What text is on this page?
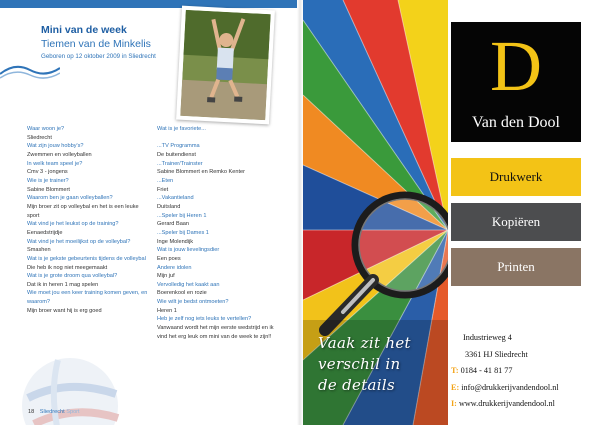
Mini van de week
Tiemen van de Minkelis
Geboren op 12 oktober 2009 in Sliedrecht
Waar woon je?
Sliedrecht
Wat zijn jouw hobby's?
Zwemmen en volleyballen
In welk team speel je?
Cmv 3 - jongens
Wie is je trainer?
Sabine Blommert
Waarom ben je gaan volleyballen?
Mijn broer zit op volleybal en het is een leuke sport
Wat vind je het leukst op de training?
Eenaedstrijdje
Wat vind je het moeilijkst op de volleybal?
Smashen
Wat is je gekste gebeurtenis tijdens de volleybal
Die heb ik nog niet meegemaakt
Wat is je grote droom qua volleybal?
Dat ik in heren 1 mag spelen
Wie moet jou een keer training komen geven, en waarom?
Mijn broer want hij is erg goed
Wat is je favoriete...

...TV Programma
De buitendienst
...Trainer/Trainster
Sabine Blommert en Remko Kenter
...Eten
Friet
...Vakantieland
Duitsland
...Speler bij Heren 1
Gerard Baan
...Speler bij Dames 1
Inge Molendijk
Wat is jouw lievelingsdier
Een poes
Andere idolen
Mijn juf
Vervolledig het kaakt aan
Boerenkool en rozie
Wie wilt je bedst ontmoeten?
Heren 1
Heb je zelf nog iets leuks te vertellen?
Vanwaand wordt het mijn eerste wedstrijd en ik vind het erg leuk om mini van de week te zijn!!
18 Sliedrecht Sport
Vaak zit het
verschil in
de details
D
Van den Dool
Drukwerk
Kopiëren
Printen
Industrieweg 4
3361 HJ Sliedrecht
T: 0184 - 41 81 77
E: info@drukkerijvandendool.nl
I: www.drukkerijvandendool.nl
